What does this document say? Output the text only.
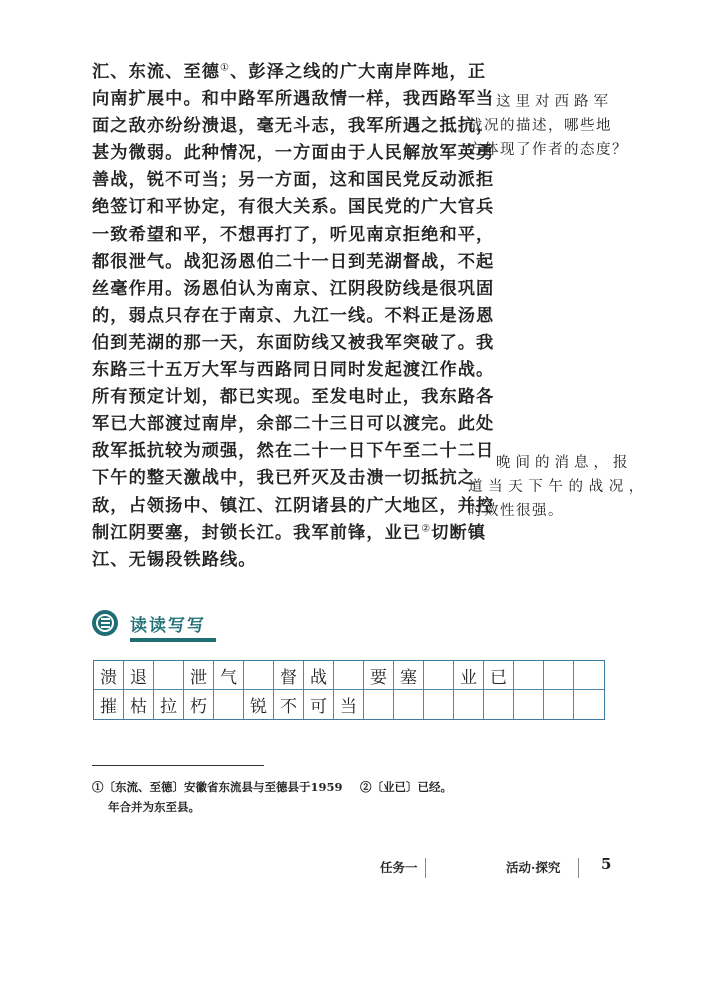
汇、东流、至德①、彭泽之线的广大南岸阵地，正
向南扩展中。和中路军所遇敌情一样，我西路军当
面之敌亦纷纷溃退，毫无斗志，我军所遇之抵抗，
甚为微弱。此种情况，一方面由于人民解放军英勇
善战，锐不可当；另一方面，这和国民党反动派拒
绝签订和平协定，有很大关系。国民党的广大官兵
一致希望和平，不想再打了，听见南京拒绝和平，
都很泄气。战犯汤恩伯二十一日到芜湖督战，不起
丝毫作用。汤恩伯认为南京、江阴段防线是很巩固
的，弱点只存在于南京、九江一线。不料正是汤恩
伯到芜湖的那一天，东面防线又被我军突破了。我
东路三十五万大军与西路同日同时发起渡江作战。
所有预定计划，都已实现。至发电时止，我东路各
军已大部渡过南岸，余部二十三日可以渡完。此处
敌军抵抗较为顽强，然在二十一日下午至二十二日
下午的整天激战中，我已歼灭及击溃一切抵抗之
敌，占领扬中、镇江、江阴诸县的广大地区，并控
制江阴要塞，封锁长江。我军前锋，业已②切断镇
江、无锡段铁路线。
这里对西路军
战况的描述，哪些地
方体现了作者的态度？
晚间的消息，报
道当天下午的战况，
时效性很强。
读读写写
溃 退	泄 气	督 战	要 塞	业 已
摧 枯 拉 朽	锐 不 可 当
①〔东流、至德〕安徽省东流县与至德县于1959
年合并为东至县。
②〔业已〕已经。
任务一	活动·探究	5
